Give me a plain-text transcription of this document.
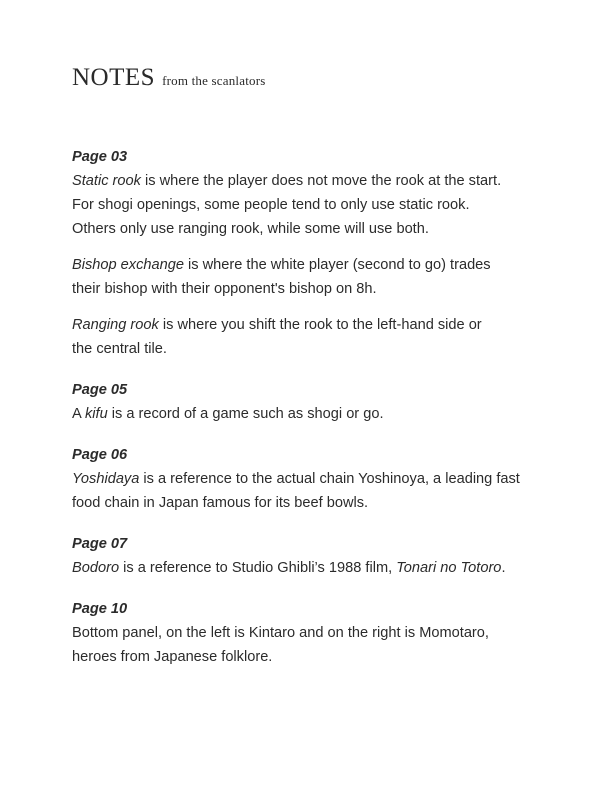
NOTES from the scanlators

Page 03

Static rook is where the player does not move the rook at the start.
For shogi openings, some people tend to only use static rook.
Others only use ranging rook, while some will use both.

Bishop exchange is where the white player (second to go) trades
their bishop with their opponent's bishop on 8h.

Ranging rook is where you shift the rook to the left-hand side or
the central tile.

Page 05

A kifu is a record of a game such as shogi or go.

Page 06

Yoshidaya is a reference to the actual chain Yoshinoya, a leading fast
food chain in Japan famous for its beef bowls.

Page 07

Bodoro is a reference to Studio Ghibli’s 1988 film, Tonari no Totoro.

Page 10

Bottom panel, on the left is Kintaro and on the right is Momotaro,
heroes from Japanese folklore.
